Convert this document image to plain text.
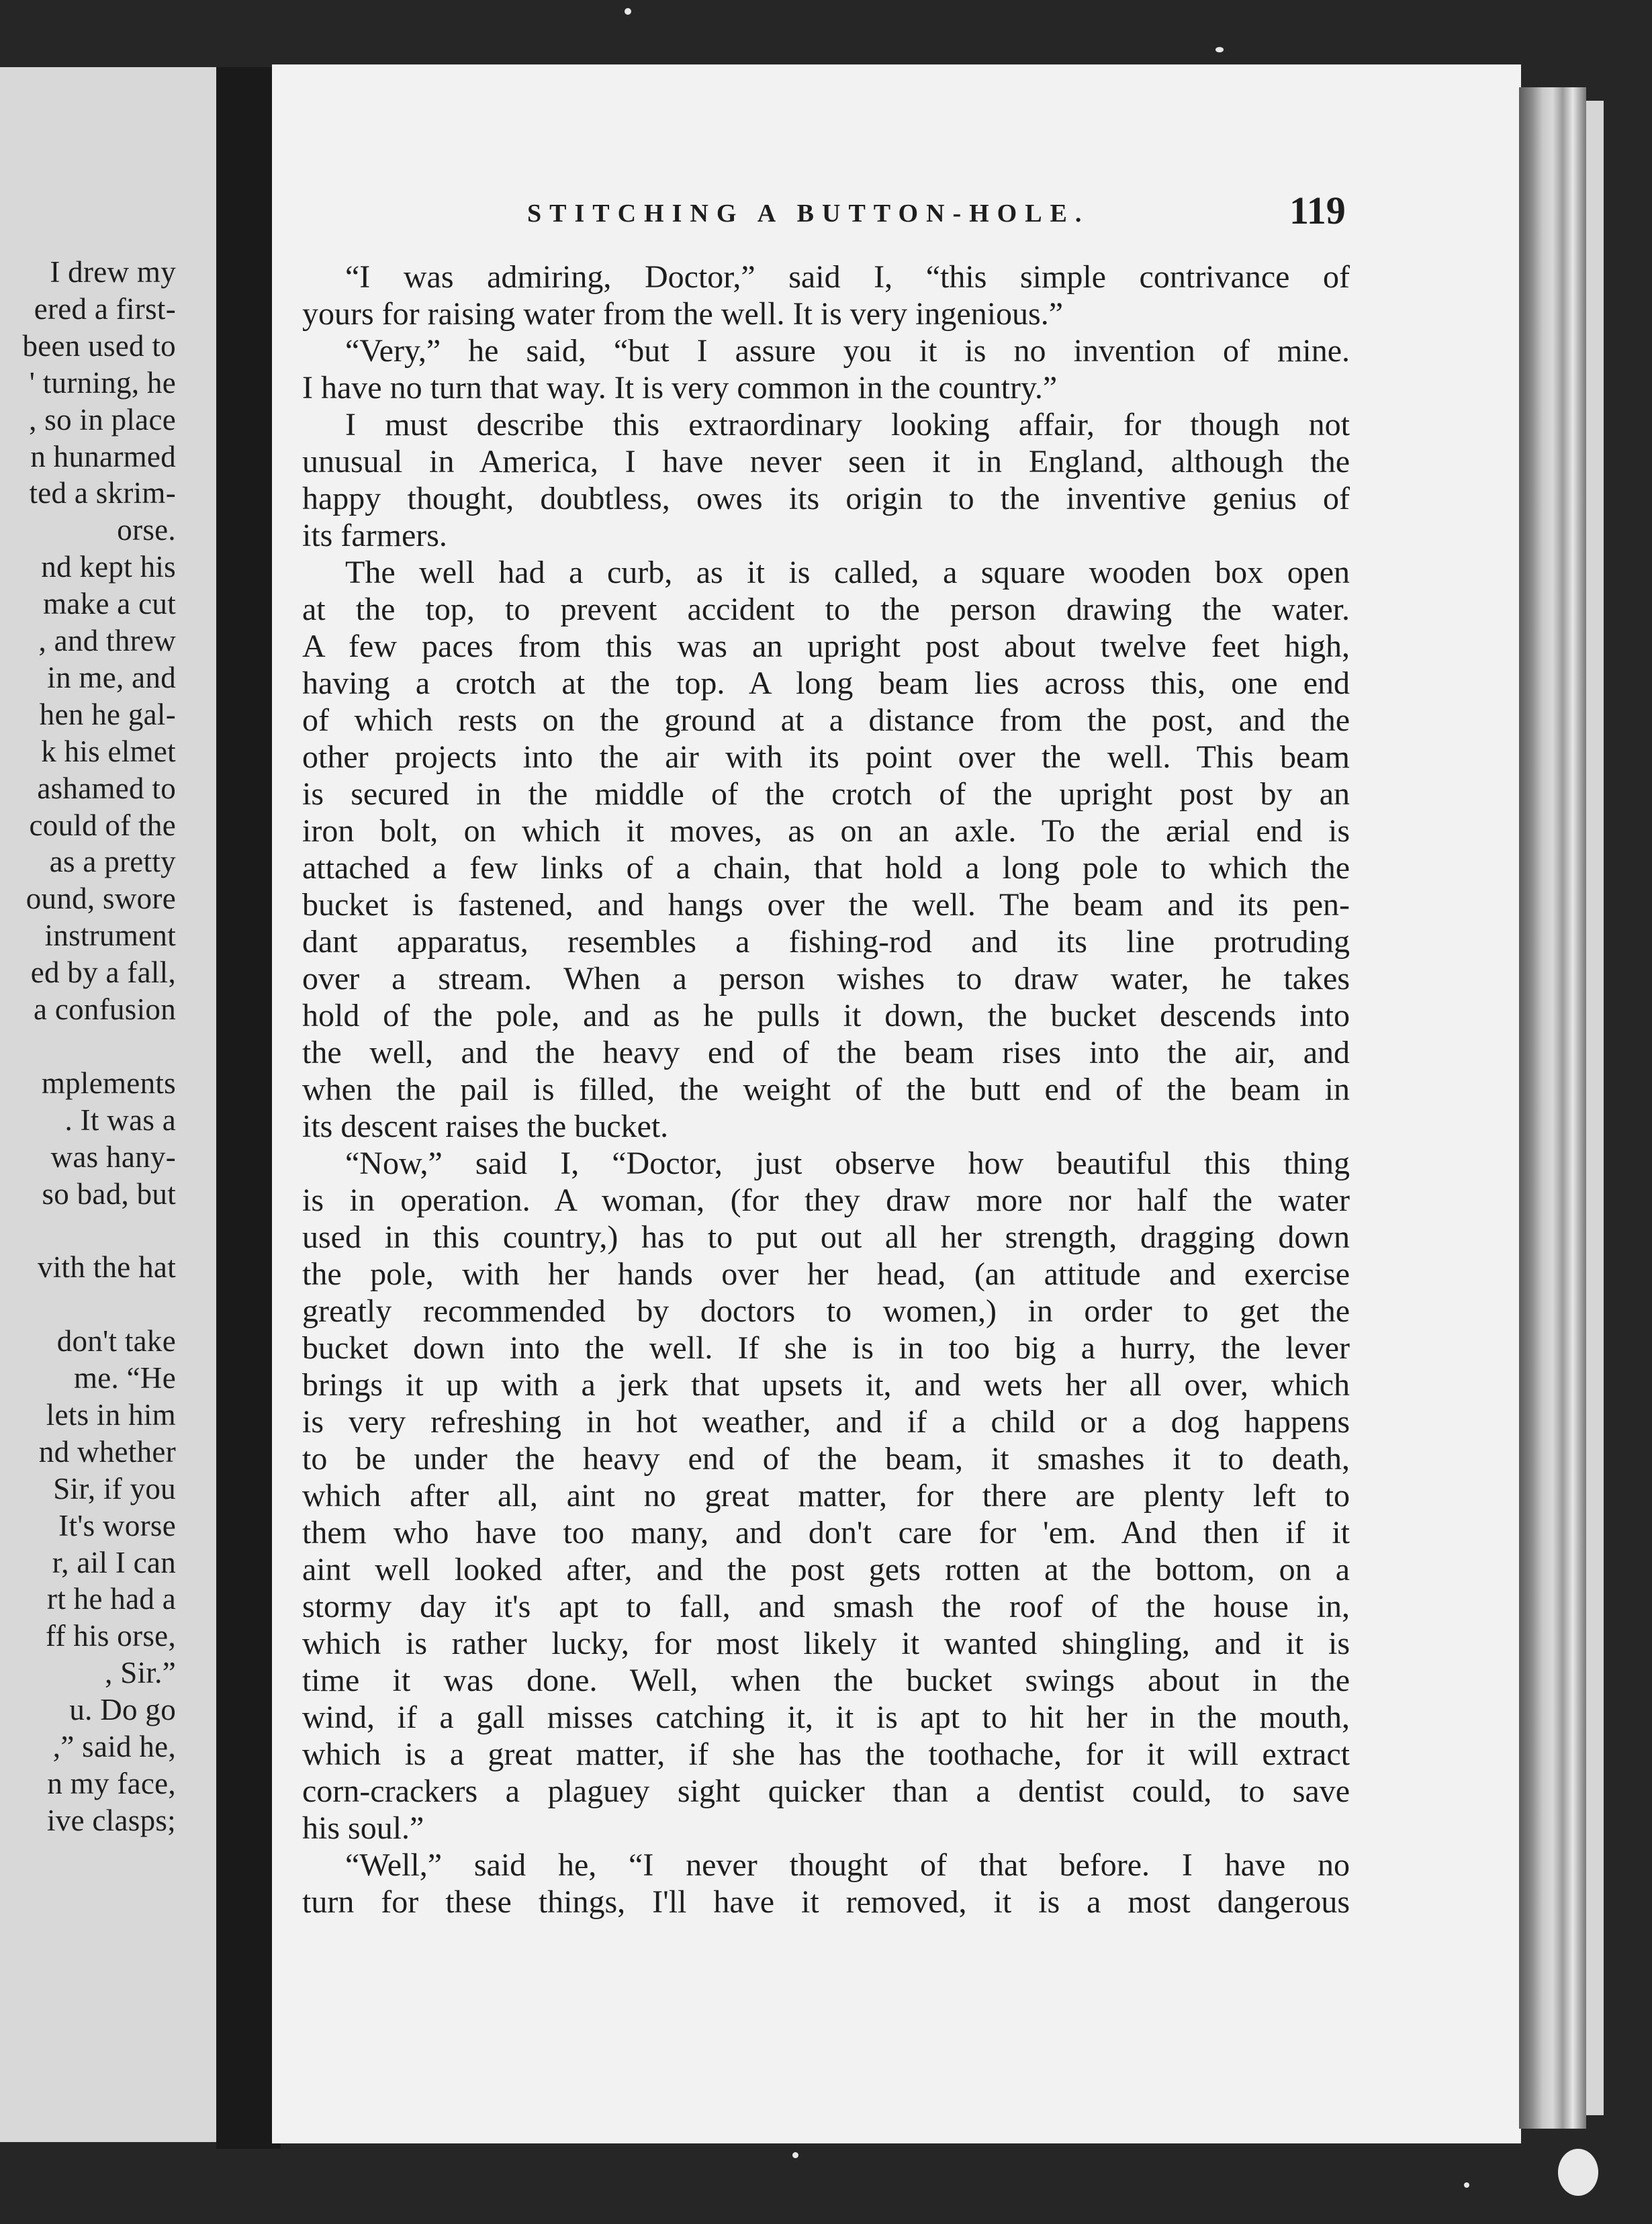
I drew my
ered a first-
been used to
' turning, he
, so in place
n hunarmed
ted a skrim-
orse.
nd kept his
make a cut
, and threw
in me, and
hen he gal-
k his elmet
ashamed to
could of the
as a pretty
ound, swore
instrument
ed by a fall,
a confusion
mplements
. It was a
was hany-
so bad, but
vith the hat
don't take
me. “He
lets in him
nd whether
Sir, if you
It's worse
r, ail I can
rt he had a
ff his orse,
, Sir.”
u. Do go
,” said he,
n my face,
ive clasps;
STITCHING A BUTTON-HOLE.	119
“I was admiring, Doctor,” said I, “this simple contrivance of
yours for raising water from the well. It is very ingenious.”
“Very,” he said, “but I assure you it is no invention of mine.
I have no turn that way. It is very common in the country.”
I must describe this extraordinary looking affair, for though not
unusual in America, I have never seen it in England, although the
happy thought, doubtless, owes its origin to the inventive genius of
its farmers.
The well had a curb, as it is called, a square wooden box open
at the top, to prevent accident to the person drawing the water.
A few paces from this was an upright post about twelve feet high,
having a crotch at the top. A long beam lies across this, one end
of which rests on the ground at a distance from the post, and the
other projects into the air with its point over the well. This beam
is secured in the middle of the crotch of the upright post by an
iron bolt, on which it moves, as on an axle. To the ærial end is
attached a few links of a chain, that hold a long pole to which the
bucket is fastened, and hangs over the well. The beam and its pen-
dant apparatus, resembles a fishing-rod and its line protruding
over a stream. When a person wishes to draw water, he takes
hold of the pole, and as he pulls it down, the bucket descends into
the well, and the heavy end of the beam rises into the air, and
when the pail is filled, the weight of the butt end of the beam in
its descent raises the bucket.
“Now,” said I, “Doctor, just observe how beautiful this thing
is in operation. A woman, (for they draw more nor half the water
used in this country,) has to put out all her strength, dragging down
the pole, with her hands over her head, (an attitude and exercise
greatly recommended by doctors to women,) in order to get the
bucket down into the well. If she is in too big a hurry, the lever
brings it up with a jerk that upsets it, and wets her all over, which
is very refreshing in hot weather, and if a child or a dog happens
to be under the heavy end of the beam, it smashes it to death,
which after all, aint no great matter, for there are plenty left to
them who have too many, and don't care for 'em. And then if it
aint well looked after, and the post gets rotten at the bottom, on a
stormy day it's apt to fall, and smash the roof of the house in,
which is rather lucky, for most likely it wanted shingling, and it is
time it was done. Well, when the bucket swings about in the
wind, if a gall misses catching it, it is apt to hit her in the mouth,
which is a great matter, if she has the toothache, for it will extract
corn-crackers a plaguey sight quicker than a dentist could, to save
his soul.”
“Well,” said he, “I never thought of that before. I have no
turn for these things, I'll have it removed, it is a most dangerous
